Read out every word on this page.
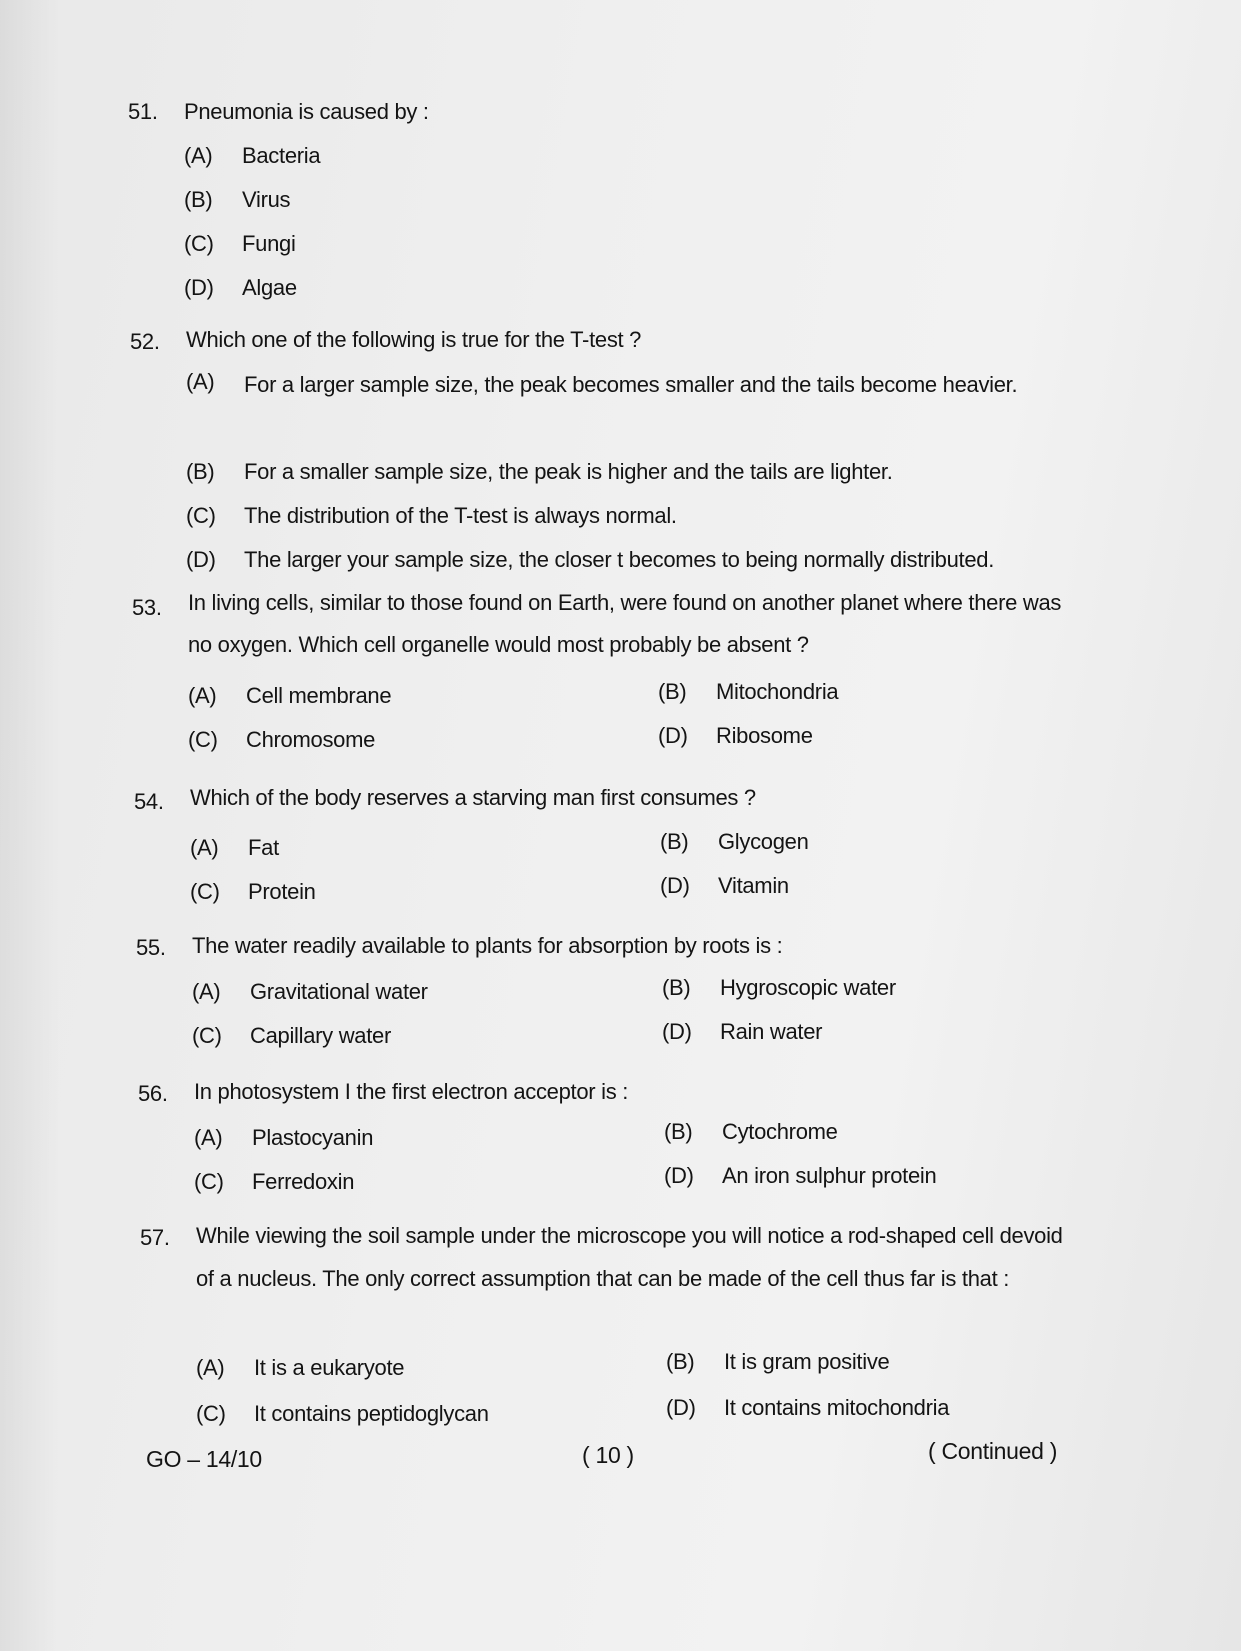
51.	Pneumonia is caused by :
(A) Bacteria
(B) Virus
(C) Fungi
(D) Algae
52.	Which one of the following is true for the T-test ?
(A)	For a larger sample size, the peak becomes smaller and the tails become heavier.
(B) For a smaller sample size, the peak is higher and the tails are lighter.
(C) The distribution of the T-test is always normal.
(D) The larger your sample size, the closer t becomes to being normally distributed.
53.	In living cells, similar to those found on Earth, were found on another planet where there was no oxygen. Which cell organelle would most probably be absent ?
(A) Cell membrane	(B) Mitochondria
(C) Chromosome	(D) Ribosome
54.	Which of the body reserves a starving man first consumes ?
(A) Fat	(B) Glycogen
(C) Protein	(D) Vitamin
55.	The water readily available to plants for absorption by roots is :
(A) Gravitational water	(B) Hygroscopic water
(C) Capillary water	(D) Rain water
56.	In photosystem I the first electron acceptor is :
(A) Plastocyanin	(B) Cytochrome
(C) Ferredoxin	(D) An iron sulphur protein
57.	While viewing the soil sample under the microscope you will notice a rod-shaped cell devoid of a nucleus. The only correct assumption that can be made of the cell thus far is that :
(A) It is a eukaryote	(B) It is gram positive
(C) It contains peptidoglycan	(D) It contains mitochondria
GO – 14/10	( 10 )	( Continued )
